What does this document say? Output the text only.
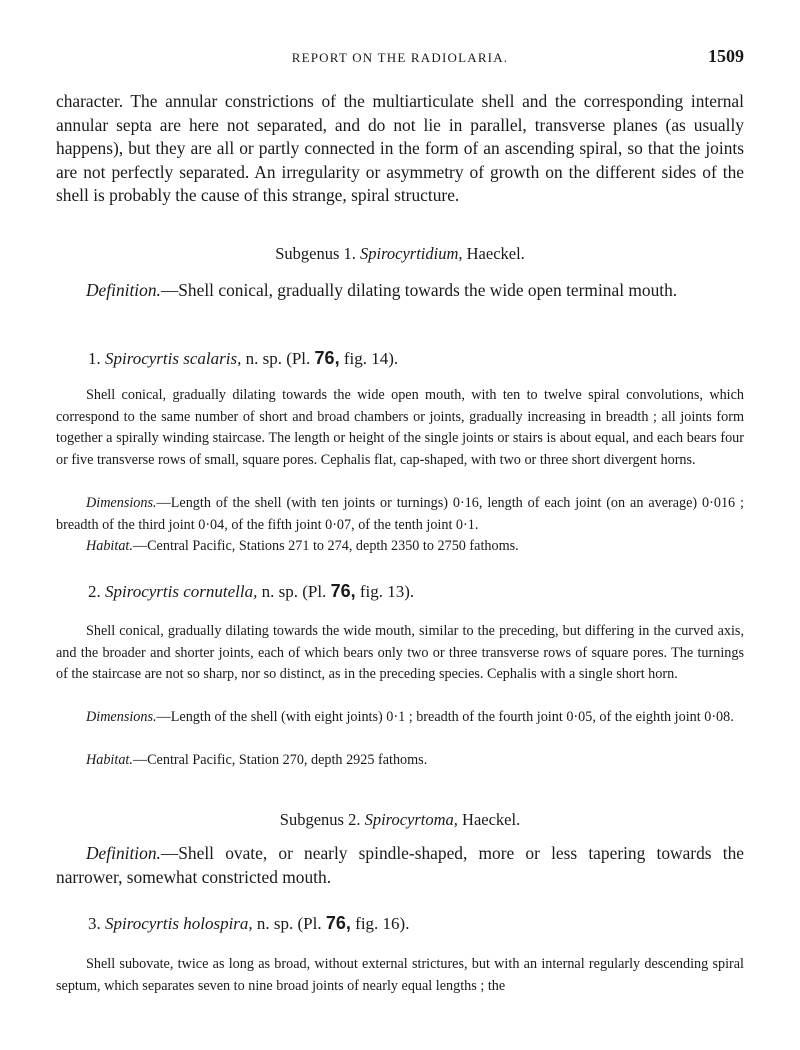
REPORT ON THE RADIOLARIA.	1509

character. The annular constrictions of the multiarticulate shell and the corresponding internal annular septa are here not separated, and do not lie in parallel, transverse planes (as usually happens), but they are all or partly connected in the form of an ascending spiral, so that the joints are not perfectly separated. An irregularity or asymmetry of growth on the different sides of the shell is probably the cause of this strange, spiral structure.

Subgenus 1. Spirocyrtidium, Haeckel.

Definition.—Shell conical, gradually dilating towards the wide open terminal mouth.

1. Spirocyrtis scalaris, n. sp. (Pl. 76, fig. 14).

Shell conical, gradually dilating towards the wide open mouth, with ten to twelve spiral convolutions, which correspond to the same number of short and broad chambers or joints, gradually increasing in breadth ; all joints form together a spirally winding staircase. The length or height of the single joints or stairs is about equal, and each bears four or five transverse rows of small, square pores. Cephalis flat, cap-shaped, with two or three short divergent horns.

Dimensions.—Length of the shell (with ten joints or turnings) 0·16, length of each joint (on an average) 0·016 ; breadth of the third joint 0·04, of the fifth joint 0·07, of the tenth joint 0·1.

Habitat.—Central Pacific, Stations 271 to 274, depth 2350 to 2750 fathoms.

2. Spirocyrtis cornutella, n. sp. (Pl. 76, fig. 13).

Shell conical, gradually dilating towards the wide mouth, similar to the preceding, but differing in the curved axis, and the broader and shorter joints, each of which bears only two or three transverse rows of square pores. The turnings of the staircase are not so sharp, nor so distinct, as in the preceding species. Cephalis with a single short horn.

Dimensions.—Length of the shell (with eight joints) 0·1 ; breadth of the fourth joint 0·05, of the eighth joint 0·08.

Habitat.—Central Pacific, Station 270, depth 2925 fathoms.

Subgenus 2. Spirocyrtoma, Haeckel.

Definition.—Shell ovate, or nearly spindle-shaped, more or less tapering towards the narrower, somewhat constricted mouth.

3. Spirocyrtis holospira, n. sp. (Pl. 76, fig. 16).

Shell subovate, twice as long as broad, without external strictures, but with an internal regularly descending spiral septum, which separates seven to nine broad joints of nearly equal lengths ; the
